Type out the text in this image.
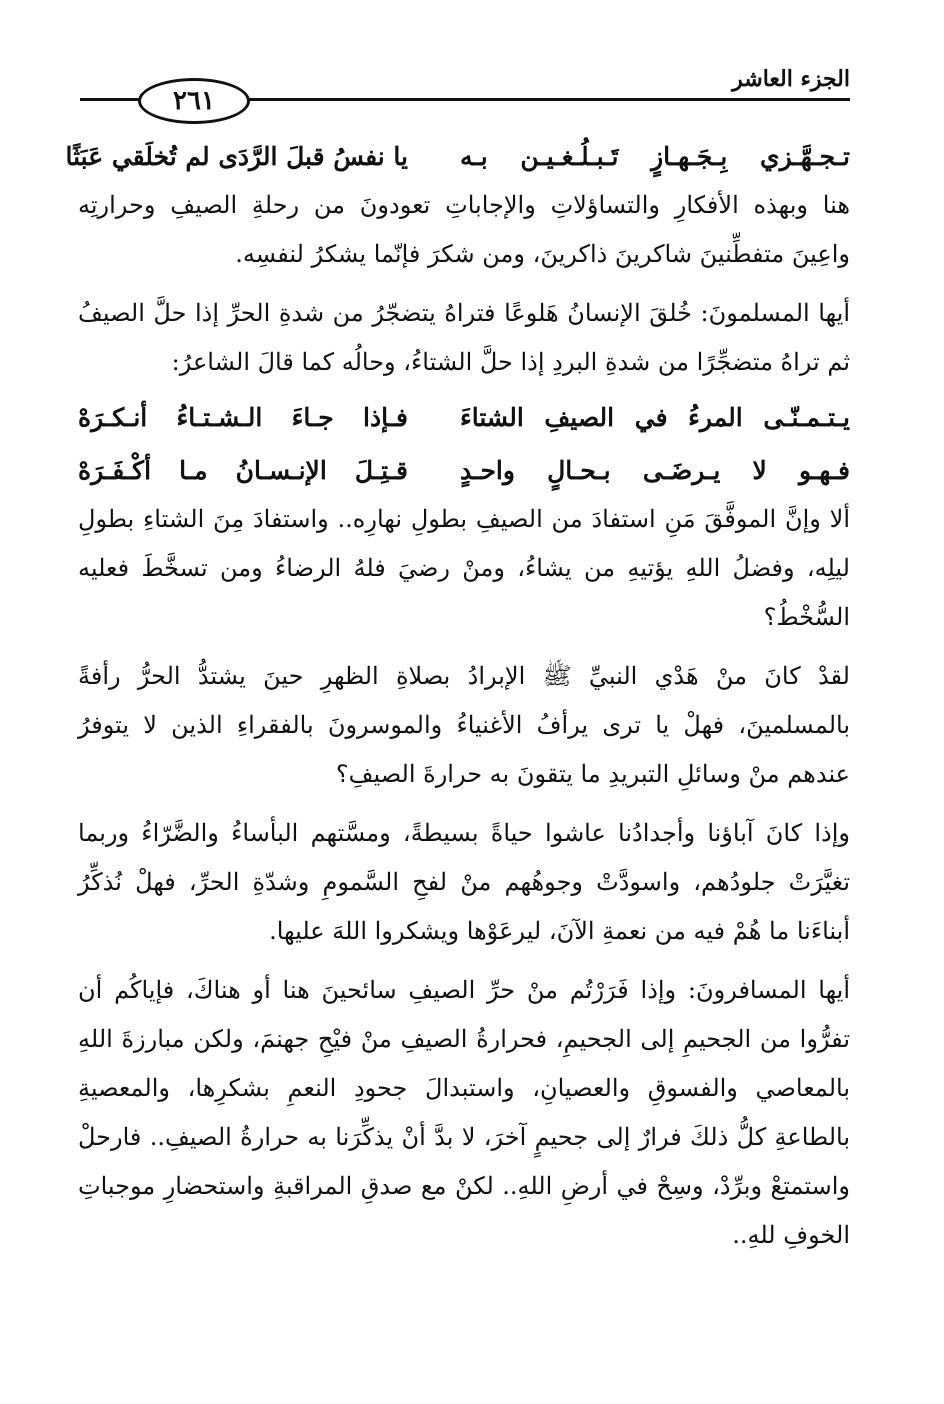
الجزء العاشر
٢٦١
تـجـهَّـزي بِـجَـهـازٍ تَـبـلُـغـيـن بـه
يا نفسُ قبلَ الرَّدَى لم تُخلَقي عَبَثًا

هنا وبهذه الأفكارِ والتساؤلاتِ والإجاباتِ تعودونَ من رحلةِ الصيفِ وحرارتِه واعِينَ متفطِّنينَ شاكرينَ ذاكرينَ، ومن شكرَ فإنّما يشكرُ لنفسِه.

أيها المسلمونَ: خُلقَ الإنسانُ هَلوعًا فتراهُ يتضجّرُ من شدةِ الحرِّ إذا حلَّ الصيفُ ثم تراهُ متضجِّرًا من شدةِ البردِ إذا حلَّ الشتاءُ، وحالُه كما قالَ الشاعرُ:

يـتـمـنّـى المرءُ في الصيفِ الشتاءَ
فـإذا جـاءَ الـشـتـاءُ أنـكـرَهْ
فـهـو لا يـرضَـى بـحـالٍ واحـدٍ
قـتِـلَ الإنـسـانُ مـا أكْـفَـرَهْ

ألا وإنَّ الموفَّقَ مَنِ استفادَ من الصيفِ بطولِ نهارِه.. واستفادَ مِنَ الشتاءِ بطولِ ليلِه، وفضلُ اللهِ يؤتيهِ من يشاءُ، ومنْ رضيَ فلهُ الرضاءُ ومن تسخَّطَ فعليه السُّخْطُ؟

لقدْ كانَ منْ هَدْي النبيِّ ﷺ الإبرادُ بصلاةِ الظهرِ حينَ يشتدُّ الحرُّ رأفةً بالمسلمينَ، فهلْ يا ترى يرأفُ الأغنياءُ والموسرونَ بالفقراءِ الذين لا يتوفرُ عندهم منْ وسائلِ التبريدِ ما يتقونَ به حرارةَ الصيفِ؟

وإذا كانَ آباؤنا وأجدادُنا عاشوا حياةً بسيطةً، ومسَّتهم البأساءُ والضَّرّاءُ وربما تغيَّرَتْ جلودُهم، واسودَّتْ وجوهُهم منْ لفحِ السَّمومِ وشدّةِ الحرِّ، فهلْ نُذكِّرُ أبناءَنا ما هُمْ فيه من نعمةِ الآنَ، ليرعَوْها ويشكروا اللهَ عليها.

أيها المسافرونَ: وإذا فَرَرْتُم منْ حرِّ الصيفِ سائحينَ هنا أو هناكَ، فإياكُم أن تفرُّوا من الجحيمِ إلى الجحيمِ، فحرارةُ الصيفِ منْ فيْحِ جهنمَ، ولكن مبارزةَ اللهِ بالمعاصي والفسوقِ والعصيانِ، واستبدالَ جحودِ النعمِ بشكرِها، والمعصيةِ بالطاعةِ كلُّ ذلكَ فرارٌ إلى جحيمٍ آخرَ، لا بدَّ أنْ يذكِّرَنا به حرارةُ الصيفِ.. فارحلْ واستمتعْ وبرِّدْ، وسِحْ في أرضِ اللهِ.. لكنْ مع صدقِ المراقبةِ واستحضارِ موجباتِ الخوفِ للهِ..
